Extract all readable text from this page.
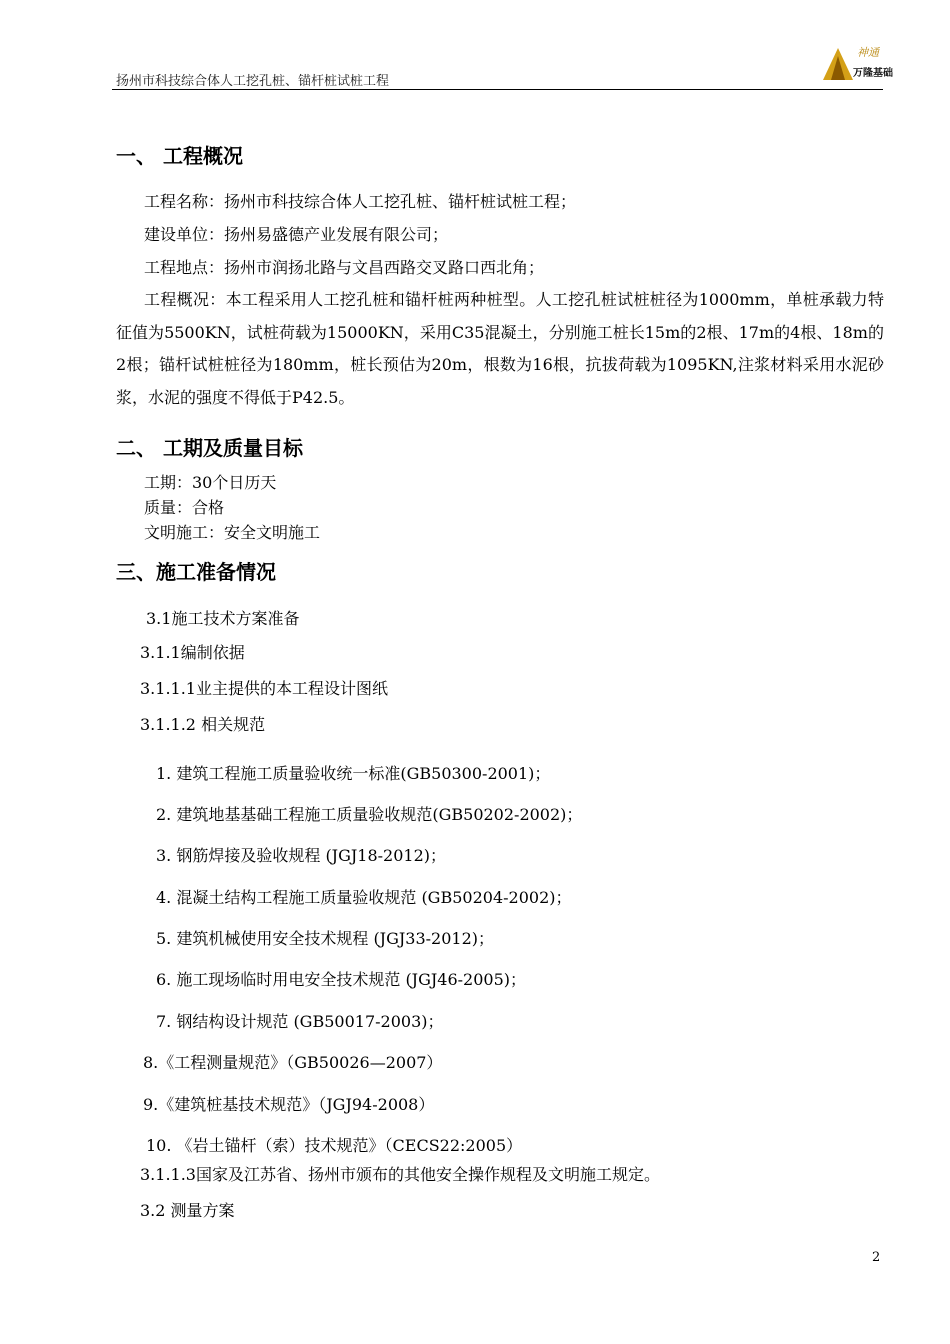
扬州市科技综合体人工挖孔桩、锚杆桩试桩工程
神通
万隆基础
一、 工程概况
工程名称：扬州市科技综合体人工挖孔桩、锚杆桩试桩工程；
建设单位：扬州易盛德产业发展有限公司；
工程地点：扬州市润扬北路与文昌西路交叉路口西北角；
工程概况：本工程采用人工挖孔桩和锚杆桩两种桩型。人工挖孔桩试桩桩径为1000mm，单桩承载力特征值为5500KN，试桩荷载为15000KN，采用C35混凝土，分别施工桩长15m的2根、17m的4根、18m的2根；锚杆试桩桩径为180mm，桩长预估为20m，根数为16根，抗拔荷载为1095KN,注浆材料采用水泥砂浆，水泥的强度不得低于P42.5。
二、 工期及质量目标
工期：30个日历天
质量：合格
文明施工：安全文明施工
三、施工准备情况
3.1施工技术方案准备
3.1.1编制依据
3.1.1.1业主提供的本工程设计图纸
3.1.1.2 相关规范
1. 建筑工程施工质量验收统一标准(GB50300-2001)；
2. 建筑地基基础工程施工质量验收规范(GB50202-2002)；
3. 钢筋焊接及验收规程 (JGJ18-2012)；
4. 混凝土结构工程施工质量验收规范 (GB50204-2002)；
5. 建筑机械使用安全技术规程 (JGJ33-2012)；
6. 施工现场临时用电安全技术规范 (JGJ46-2005)；
7. 钢结构设计规范 (GB50017-2003)；
8.《工程测量规范》（GB50026—2007）
9.《建筑桩基技术规范》（JGJ94-2008）
10. 《岩土锚杆（索）技术规范》（CECS22:2005）
3.1.1.3国家及江苏省、扬州市颁布的其他安全操作规程及文明施工规定。
3.2 测量方案
2
